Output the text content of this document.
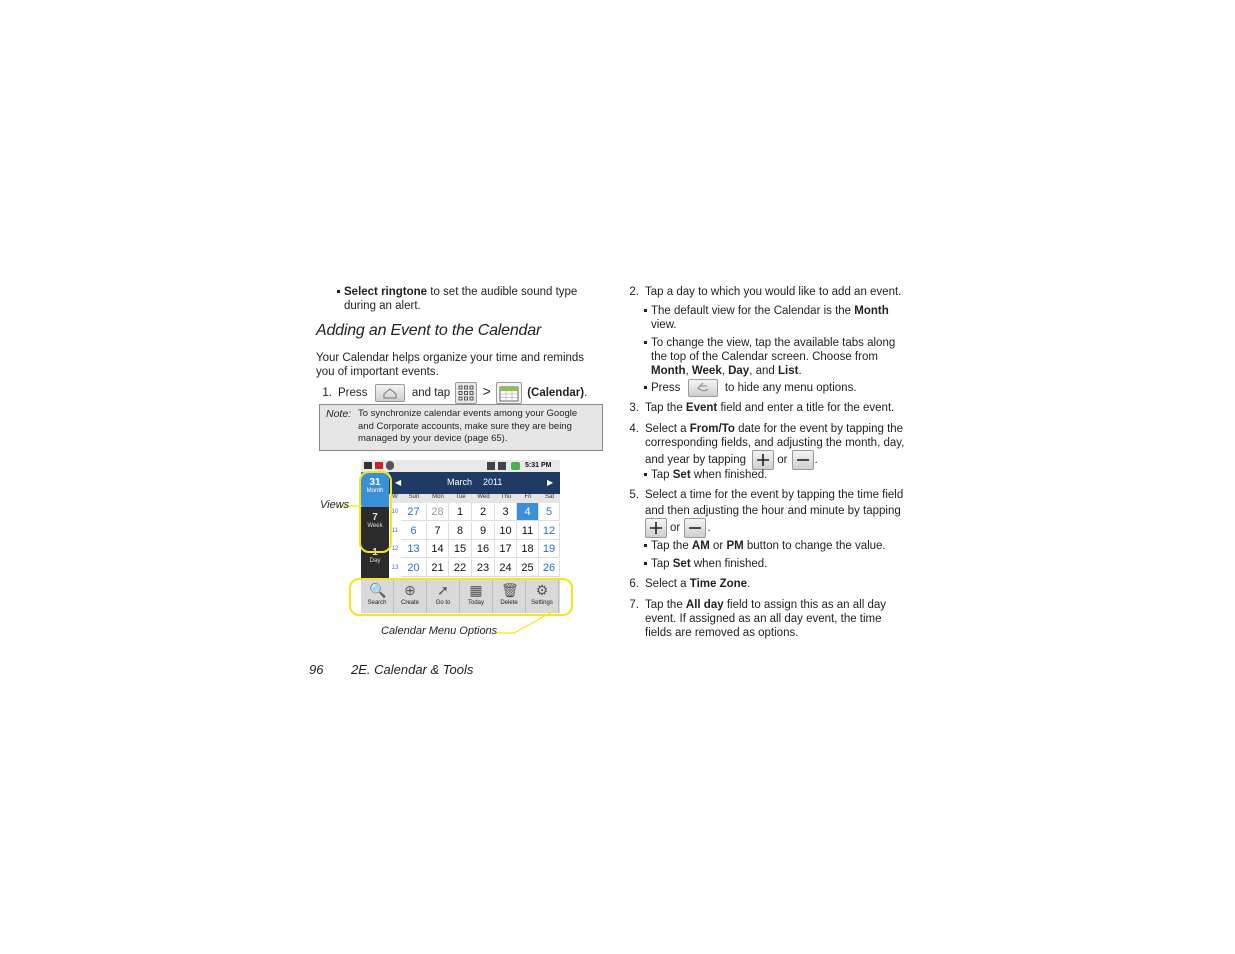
Select ringtone to set the audible sound type
during an alert.
Adding an Event to the Calendar
Your Calendar helps organize your time and reminds
you of important events.
1. Press	and tap >	(Calendar).
Note: To synchronize calendar events among your Google
and Corporate accounts, make sure they are being
managed by your device (page 65).
5:31 PM
31
Month
7
Week
1
Day
◀	March 2011	▶
W	Sun	Mon	Tue	Wed	Thu	Fri	Sat
10 27	28	1	2	3	4	5
11	6	7	8	9	10 11 12
12 13	14 15 16 17 18 19
13 20	21 22 23 24 25 26
🔍
Search
⊕
Create
➚
Go to
▦
Today
🗑
Delete
⚙
Settings
Views
Calendar Menu Options
96 2E. Calendar & Tools
2. Tap a day to which you would like to add an event.
The default view for the Calendar is the Month
view.
To change the view, tap the available tabs along
the top of the Calendar screen. Choose from
Month, Week, Day, and List.
Press	to hide any menu options.
3. Tap the Event field and enter a title for the event.
4. Select a From/To date for the event by tapping the
corresponding fields, and adjusting the month, day,
and year by tapping	or .
Tap Set when finished.
5. Select a time for the event by tapping the time field
and then adjusting the hour and minute by tapping
or .
Tap the AM or PM button to change the value.
Tap Set when finished.
6. Select a Time Zone.
7. Tap the All day field to assign this as an all day
event. If assigned as an all day event, the time
fields are removed as options.
